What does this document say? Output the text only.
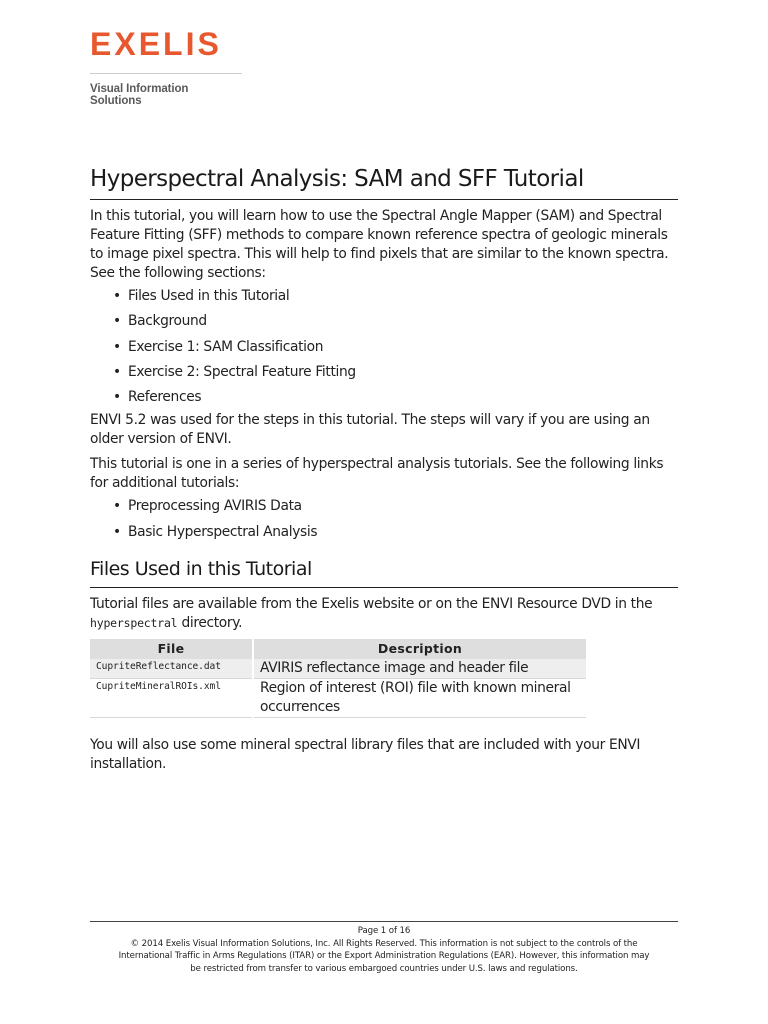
EXELIS
Visual Information Solutions
Hyperspectral Analysis: SAM and SFF Tutorial

In this tutorial, you will learn how to use the Spectral Angle Mapper (SAM) and Spectral Feature Fitting (SFF) methods to compare known reference spectra of geologic minerals to image pixel spectra. This will help to find pixels that are similar to the known spectra. See the following sections:

• Files Used in this Tutorial
• Background
• Exercise 1: SAM Classification
• Exercise 2: Spectral Feature Fitting
• References

ENVI 5.2 was used for the steps in this tutorial. The steps will vary if you are using an older version of ENVI.

This tutorial is one in a series of hyperspectral analysis tutorials. See the following links for additional tutorials:

• Preprocessing AVIRIS Data
• Basic Hyperspectral Analysis
Files Used in this Tutorial

Tutorial files are available from the Exelis website or on the ENVI Resource DVD in the
hyperspectral directory.

File	Description
CupriteReflectance.dat	AVIRIS reflectance image and header file
CupriteMineralROIs.xml	Region of interest (ROI) file with known mineral occurrences

You will also use some mineral spectral library files that are included with your ENVI installation.

Page 1 of 16
© 2014 Exelis Visual Information Solutions, Inc. All Rights Reserved. This information is not subject to the controls of the
International Traffic in Arms Regulations (ITAR) or the Export Administration Regulations (EAR). However, this information may
be restricted from transfer to various embargoed countries under U.S. laws and regulations.
